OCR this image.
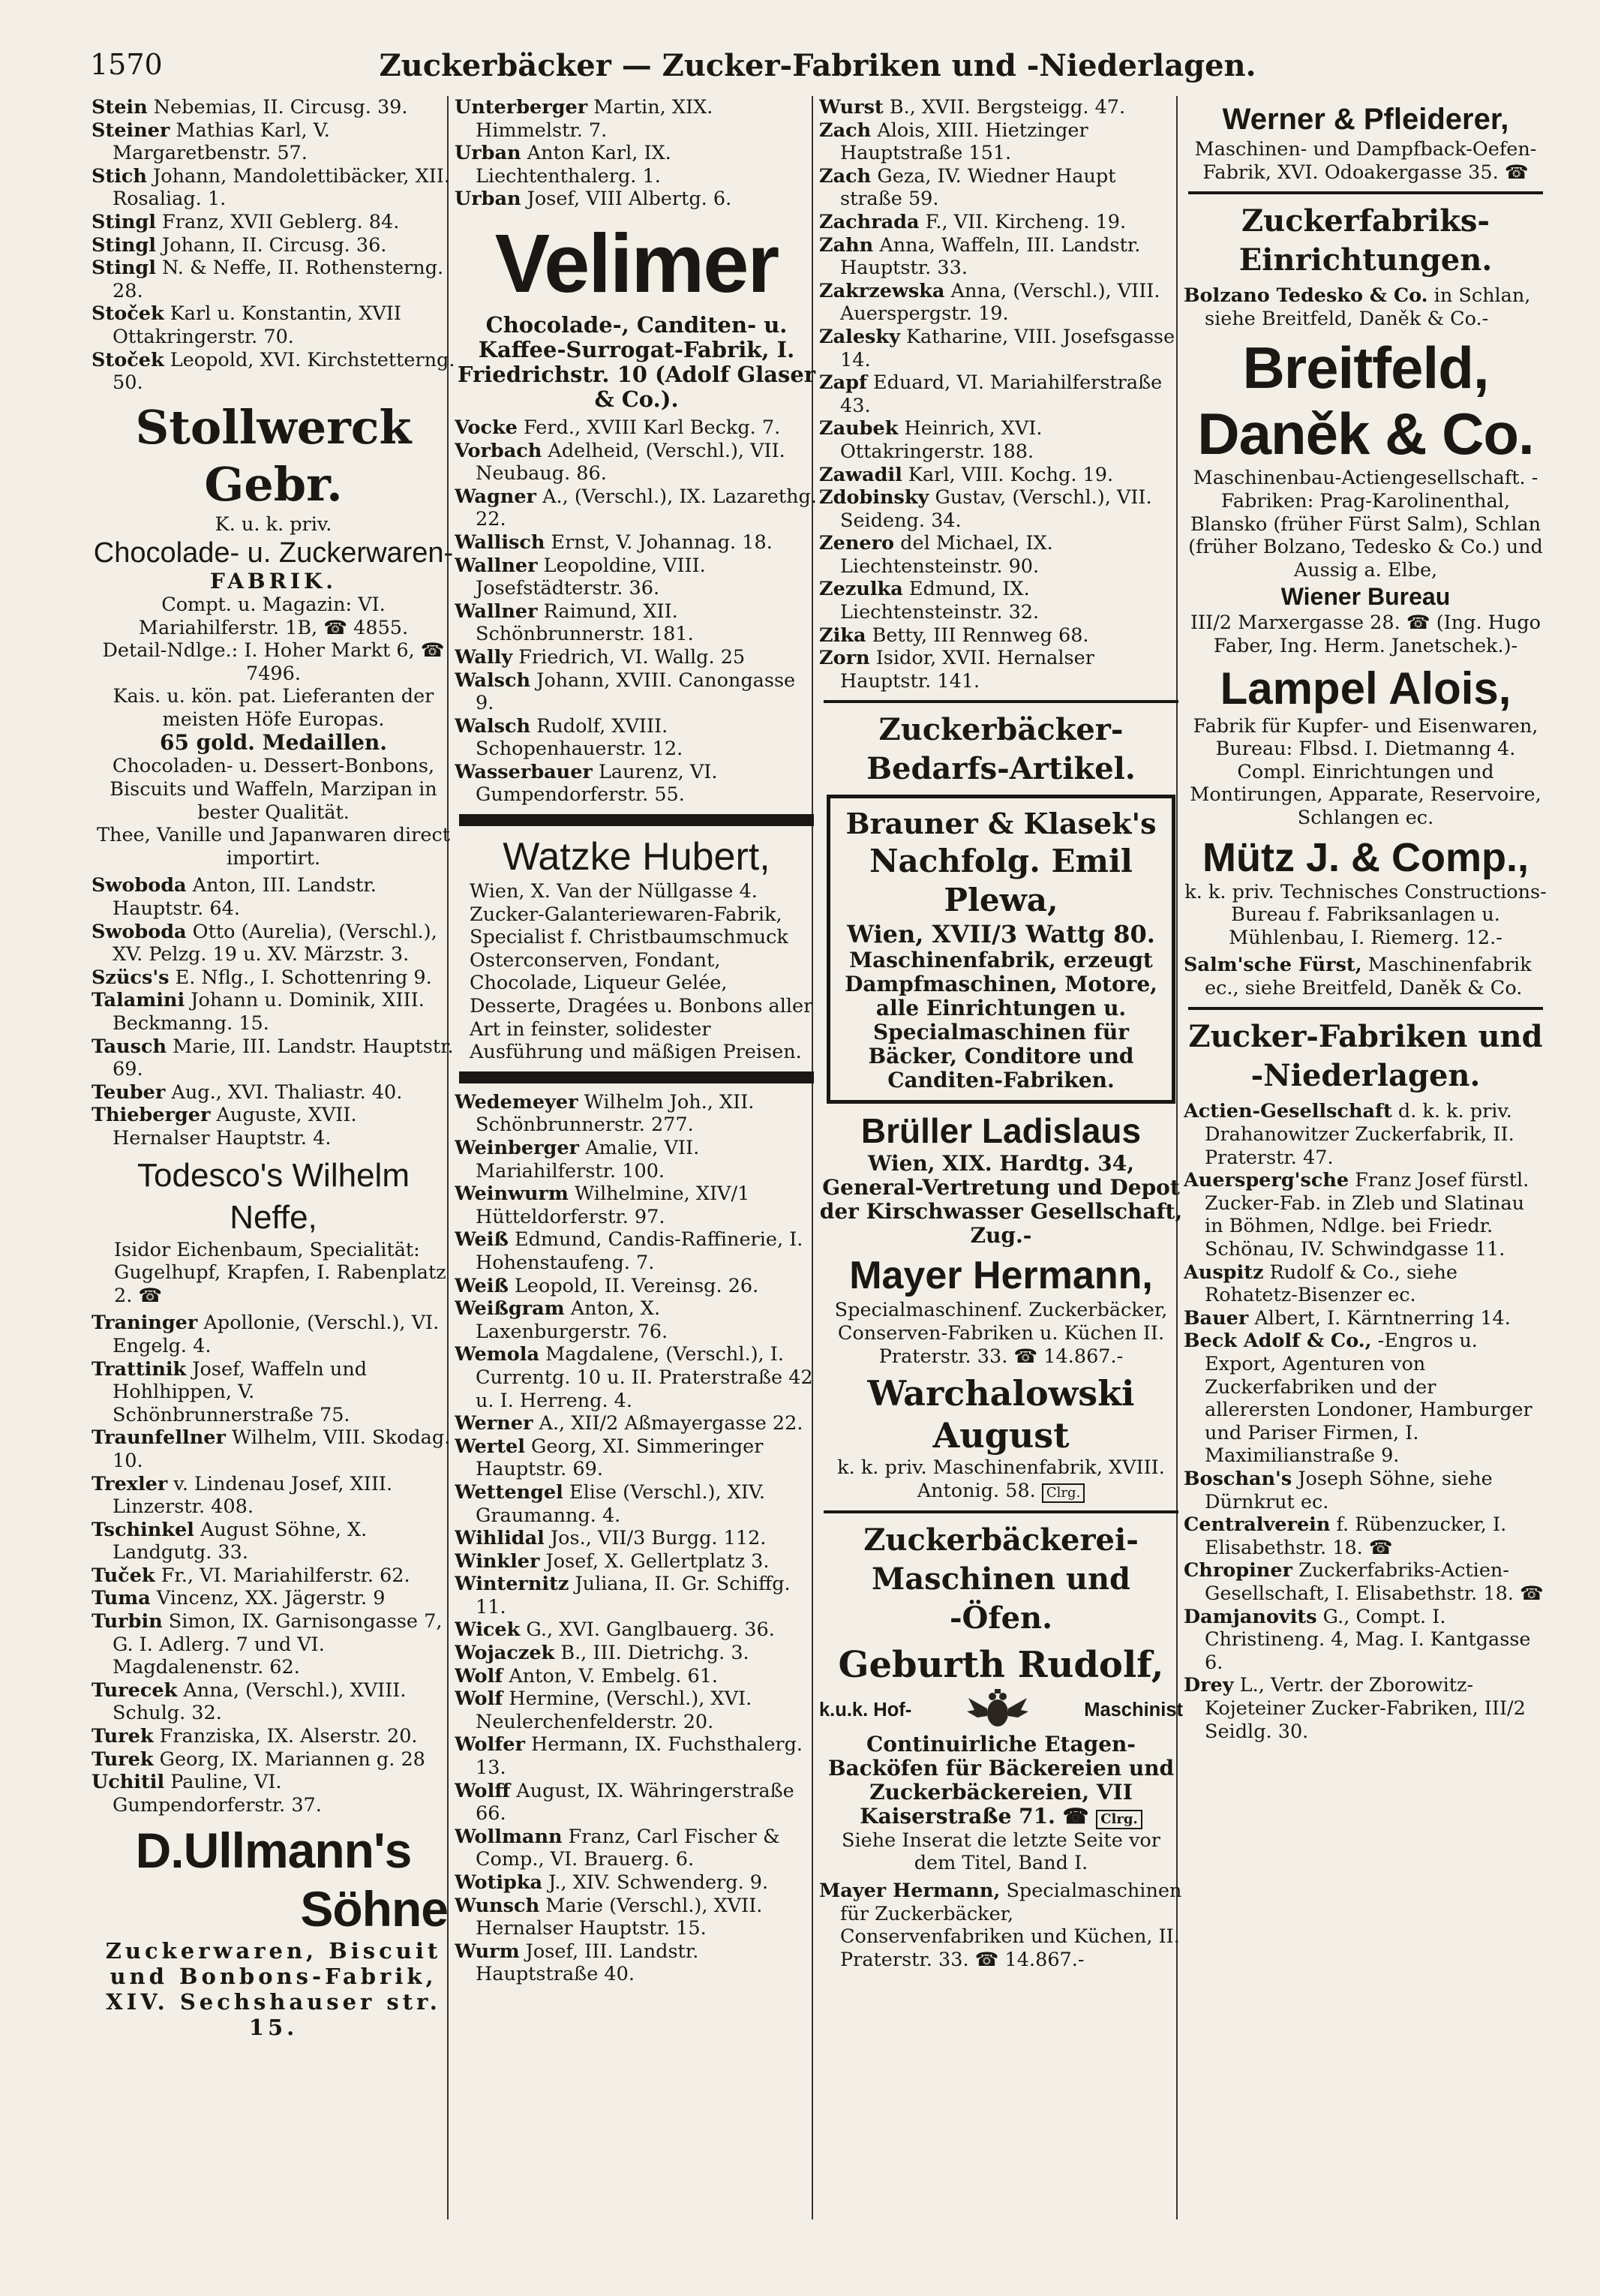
1570	Zuckerbäcker — Zucker-Fabriken und -Niederlagen.

Stein Nebemias, II. Circusg. 39.

Steiner Mathias Karl, V. Margaretbenstr. 57.

Stich Johann, Mandolettibäcker, XII. Rosaliag. 1.

Stingl Franz, XVII Geblerg. 84.

Stingl Johann, II. Circusg. 36.

Stingl N. & Neffe, II. Rothensterng. 28.

Stoček Karl u. Konstantin, XVII Ottakringerstr. 70.

Stoček Leopold, XVI. Kirchstetterng. 50.

Stollwerck Gebr.
K. u. k. priv.
Chocolade- u. Zuckerwaren-
FABRIK.
Compt. u. Magazin: VI. Mariahilferstr. 1B, ☎ 4855.
Detail-Ndlge.: I. Hoher Markt 6, ☎ 7496.
Kais. u. kön. pat. Lieferanten der meisten Höfe Europas.
65 gold. Medaillen.
Chocoladen- u. Dessert-Bonbons, Biscuits und Waffeln, Marzipan in bester Qualität.
Thee, Vanille und Japanwaren direct importirt.

Swoboda Anton, III. Landstr. Hauptstr. 64.

Swoboda Otto (Aurelia), (Verschl.), XV. Pelzg. 19 u. XV. Märzstr. 3.

Szücs's E. Nflg., I. Schottenring 9.

Talamini Johann u. Dominik, XIII. Beckmanng. 15.

Tausch Marie, III. Landstr. Hauptstr. 69.

Teuber Aug., XVI. Thaliastr. 40.

Thieberger Auguste, XVII. Hernalser Hauptstr. 4.

Todesco's Wilhelm Neffe,
Isidor Eichenbaum, Specialität: Gugelhupf, Krapfen, I. Rabenplatz 2. ☎

Traninger Apollonie, (Verschl.), VI. Engelg. 4.

Trattinik Josef, Waffeln und Hohlhippen, V. Schönbrunnerstraße 75.

Traunfellner Wilhelm, VIII. Skodag. 10.

Trexler v. Lindenau Josef, XIII. Linzerstr. 408.

Tschinkel August Söhne, X. Landgutg. 33.

Tuček Fr., VI. Mariahilferstr. 62.

Tuma Vincenz, XX. Jägerstr. 9

Turbin Simon, IX. Garnisongasse 7, G. I. Adlerg. 7 und VI. Magdalenenstr. 62.

Turecek Anna, (Verschl.), XVIII. Schulg. 32.

Turek Franziska, IX. Alserstr. 20.

Turek Georg, IX. Mariannen g. 28

Uchitil Pauline, VI. Gumpendorferstr. 37.

D.Ullmann's
Söhne
Zuckerwaren, Biscuit und Bonbons-Fabrik, XIV. Sechshauser str. 15.

Unterberger Martin, XIX. Himmelstr. 7.

Urban Anton Karl, IX. Liechtenthalerg. 1.

Urban Josef, VIII Albertg. 6.

Velimer
Chocolade-, Canditen- u. Kaffee-Surrogat-Fabrik, I. Friedrichstr. 10 (Adolf Glaser & Co.).

Vocke Ferd., XVIII Karl Beckg. 7.

Vorbach Adelheid, (Verschl.), VII. Neubaug. 86.

Wagner A., (Verschl.), IX. Lazarethg. 22.

Wallisch Ernst, V. Johannag. 18.

Wallner Leopoldine, VIII. Josefstädterstr. 36.

Wallner Raimund, XII. Schönbrunnerstr. 181.

Wally Friedrich, VI. Wallg. 25

Walsch Johann, XVIII. Canongasse 9.

Walsch Rudolf, XVIII. Schopenhauerstr. 12.

Wasserbauer Laurenz, VI. Gumpendorferstr. 55.

Watzke Hubert,
Wien, X. Van der Nüllgasse 4. Zucker-Galanteriewaren-Fabrik, Specialist f. Christbaumschmuck Osterconserven, Fondant, Chocolade, Liqueur Gelée, Desserte, Dragées u. Bonbons aller Art in feinster, solidester Ausführung und mäßigen Preisen.

Wedemeyer Wilhelm Joh., XII. Schönbrunnerstr. 277.

Weinberger Amalie, VII. Mariahilferstr. 100.

Weinwurm Wilhelmine, XIV/1 Hütteldorferstr. 97.

Weiß Edmund, Candis-Raffinerie, I. Hohenstaufeng. 7.

Weiß Leopold, II. Vereinsg. 26.

Weißgram Anton, X. Laxenburgerstr. 76.

Wemola Magdalene, (Verschl.), I. Currentg. 10 u. II. Praterstraße 42 u. I. Herreng. 4.

Werner A., XII/2 Aßmayergasse 22.

Wertel Georg, XI. Simmeringer Hauptstr. 69.

Wettengel Elise (Verschl.), XIV. Graumanng. 4.

Wihlidal Jos., VII/3 Burgg. 112.

Winkler Josef, X. Gellertplatz 3.

Winternitz Juliana, II. Gr. Schiffg. 11.

Wicek G., XVI. Ganglbauerg. 36.

Wojaczek B., III. Dietrichg. 3.

Wolf Anton, V. Embelg. 61.

Wolf Hermine, (Verschl.), XVI. Neulerchenfelderstr. 20.

Wolfer Hermann, IX. Fuchsthalerg. 13.

Wolff August, IX. Währingerstraße 66.

Wollmann Franz, Carl Fischer & Comp., VI. Brauerg. 6.

Wotipka J., XIV. Schwenderg. 9.

Wunsch Marie (Verschl.), XVII. Hernalser Hauptstr. 15.

Wurm Josef, III. Landstr. Hauptstraße 40.

Wurst B., XVII. Bergsteigg. 47.

Zach Alois, XIII. Hietzinger Hauptstraße 151.

Zach Geza, IV. Wiedner Haupt straße 59.

Zachrada F., VII. Kircheng. 19.

Zahn Anna, Waffeln, III. Landstr. Hauptstr. 33.

Zakrzewska Anna, (Verschl.), VIII. Auerspergstr. 19.

Zalesky Katharine, VIII. Josefsgasse 14.

Zapf Eduard, VI. Mariahilferstraße 43.

Zaubek Heinrich, XVI. Ottakringerstr. 188.

Zawadil Karl, VIII. Kochg. 19.

Zdobinsky Gustav, (Verschl.), VII. Seideng. 34.

Zenero del Michael, IX. Liechtensteinstr. 90.

Zezulka Edmund, IX. Liechtensteinstr. 32.

Zika Betty, III Rennweg 68.

Zorn Isidor, XVII. Hernalser Hauptstr. 141.

Zuckerbäcker-Bedarfs-Artikel.
Brauner & Klasek's
Nachfolg. Emil Plewa,
Wien, XVII/3 Wattg 80.
Maschinenfabrik, erzeugt Dampfmaschinen, Motore, alle Einrichtungen u. Specialmaschinen für Bäcker, Conditore und Canditen-Fabriken.
Brüller Ladislaus
Wien, XIX. Hardtg. 34, General-Vertretung und Depot der Kirschwasser Gesellschaft, Zug.-
Mayer Hermann,
Specialmaschinenf. Zuckerbäcker, Conserven-Fabriken u. Küchen II. Praterstr. 33. ☎ 14.867.-
Warchalowski August
k. k. priv. Maschinenfabrik, XVIII. Antonig. 58. Clrg.
Zuckerbäckerei-Maschinen und -Öfen.
Geburth Rudolf,
k.u.k. Hof-	Maschinist
Continuirliche Etagen-Backöfen für Bäckereien und Zuckerbäckereien, VII Kaiserstraße 71. ☎ Clrg.
Siehe Inserat die letzte Seite vor dem Titel, Band I.

Mayer Hermann, Specialmaschinen für Zuckerbäcker, Conservenfabriken und Küchen, II. Praterstr. 33. ☎ 14.867.-

Werner & Pfleiderer,
Maschinen- und Dampfback-Oefen-Fabrik, XVI. Odoakergasse 35. ☎
Zuckerfabriks-Einrichtungen.

Bolzano Tedesko & Co. in Schlan, siehe Breitfeld, Daněk & Co.-

Breitfeld,
Daněk & Co.
Maschinenbau-Actiengesellschaft. -Fabriken: Prag-Karolinenthal, Blansko (früher Fürst Salm), Schlan (früher Bolzano, Tedesko & Co.) und Aussig a. Elbe,
Wiener Bureau
III/2 Marxergasse 28. ☎ (Ing. Hugo Faber, Ing. Herm. Janetschek.)-
Lampel Alois,
Fabrik für Kupfer- und Eisenwaren, Bureau: Flbsd. I. Dietmanng 4. Compl. Einrichtungen und Montirungen, Apparate, Reservoire, Schlangen ec.
Mütz J. & Comp.,
k. k. priv. Technisches Constructions-Bureau f. Fabriksanlagen u. Mühlenbau, I. Riemerg. 12.-

Salm'sche Fürst, Maschinenfabrik ec., siehe Breitfeld, Daněk & Co.

Zucker-Fabriken und -Niederlagen.

Actien-Gesellschaft d. k. k. priv. Drahanowitzer Zuckerfabrik, II. Praterstr. 47.

Auersperg'sche Franz Josef fürstl. Zucker-Fab. in Zleb und Slatinau in Böhmen, Ndlge. bei Friedr. Schönau, IV. Schwindgasse 11.

Auspitz Rudolf & Co., siehe Rohatetz-Bisenzer ec.

Bauer Albert, I. Kärntnerring 14.

Beck Adolf & Co., -Engros u. Export, Agenturen von Zuckerfabriken und der allerersten Londoner, Hamburger und Pariser Firmen, I. Maximilianstraße 9.

Boschan's Joseph Söhne, siehe Dürnkrut ec.

Centralverein f. Rübenzucker, I. Elisabethstr. 18. ☎

Chropiner Zuckerfabriks-Actien-Gesellschaft, I. Elisabethstr. 18. ☎

Damjanovits G., Compt. I. Christineng. 4, Mag. I. Kantgasse 6.

Drey L., Vertr. der Zborowitz-Kojeteiner Zucker-Fabriken, III/2 Seidlg. 30.
